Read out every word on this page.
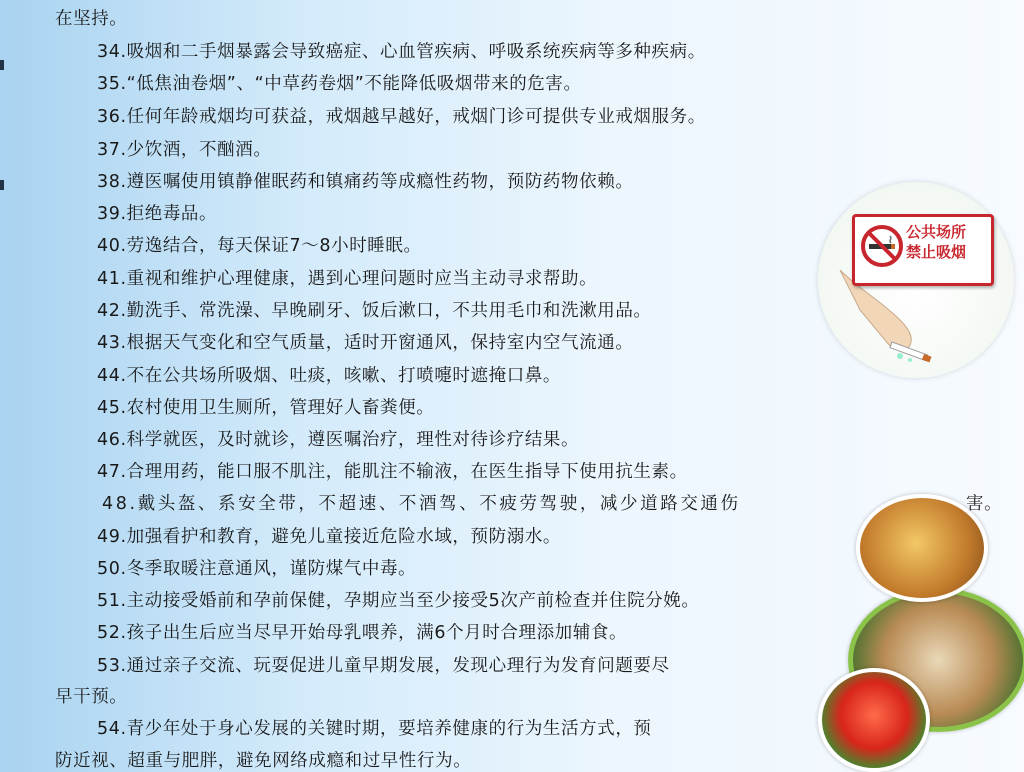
在坚持。
34.吸烟和二手烟暴露会导致癌症、心血管疾病、呼吸系统疾病等多种疾病。
35.“低焦油卷烟”、“中草药卷烟”不能降低吸烟带来的危害。
36.任何年龄戒烟均可获益，戒烟越早越好，戒烟门诊可提供专业戒烟服务。
37.少饮酒，不酗酒。
38.遵医嘱使用镇静催眠药和镇痛药等成瘾性药物，预防药物依赖。
39.拒绝毒品。
40.劳逸结合，每天保证7～8小时睡眠。
41.重视和维护心理健康，遇到心理问题时应当主动寻求帮助。
42.勤洗手、常洗澡、早晚刷牙、饭后漱口，不共用毛巾和洗漱用品。
43.根据天气变化和空气质量，适时开窗通风，保持室内空气流通。
44.不在公共场所吸烟、吐痰，咳嗽、打喷嚏时遮掩口鼻。
45.农村使用卫生厕所，管理好人畜粪便。
46.科学就医，及时就诊，遵医嘱治疗，理性对待诊疗结果。
47.合理用药，能口服不肌注，能肌注不输液，在医生指导下使用抗生素。
48.戴头盔、系安全带，不超速、不酒驾、不疲劳驾驶，减少道路交通伤	害。
49.加强看护和教育，避免儿童接近危险水域，预防溺水。
50.冬季取暖注意通风，谨防煤气中毒。
51.主动接受婚前和孕前保健，孕期应当至少接受5次产前检查并住院分娩。
52.孩子出生后应当尽早开始母乳喂养，满6个月时合理添加辅食。
53.通过亲子交流、玩耍促进儿童早期发展，发现心理行为发育问题要尽
早干预。
54.青少年处于身心发展的关键时期，要培养健康的行为生活方式，预
防近视、超重与肥胖，避免网络成瘾和过早性行为。
公共场所
禁止吸烟
